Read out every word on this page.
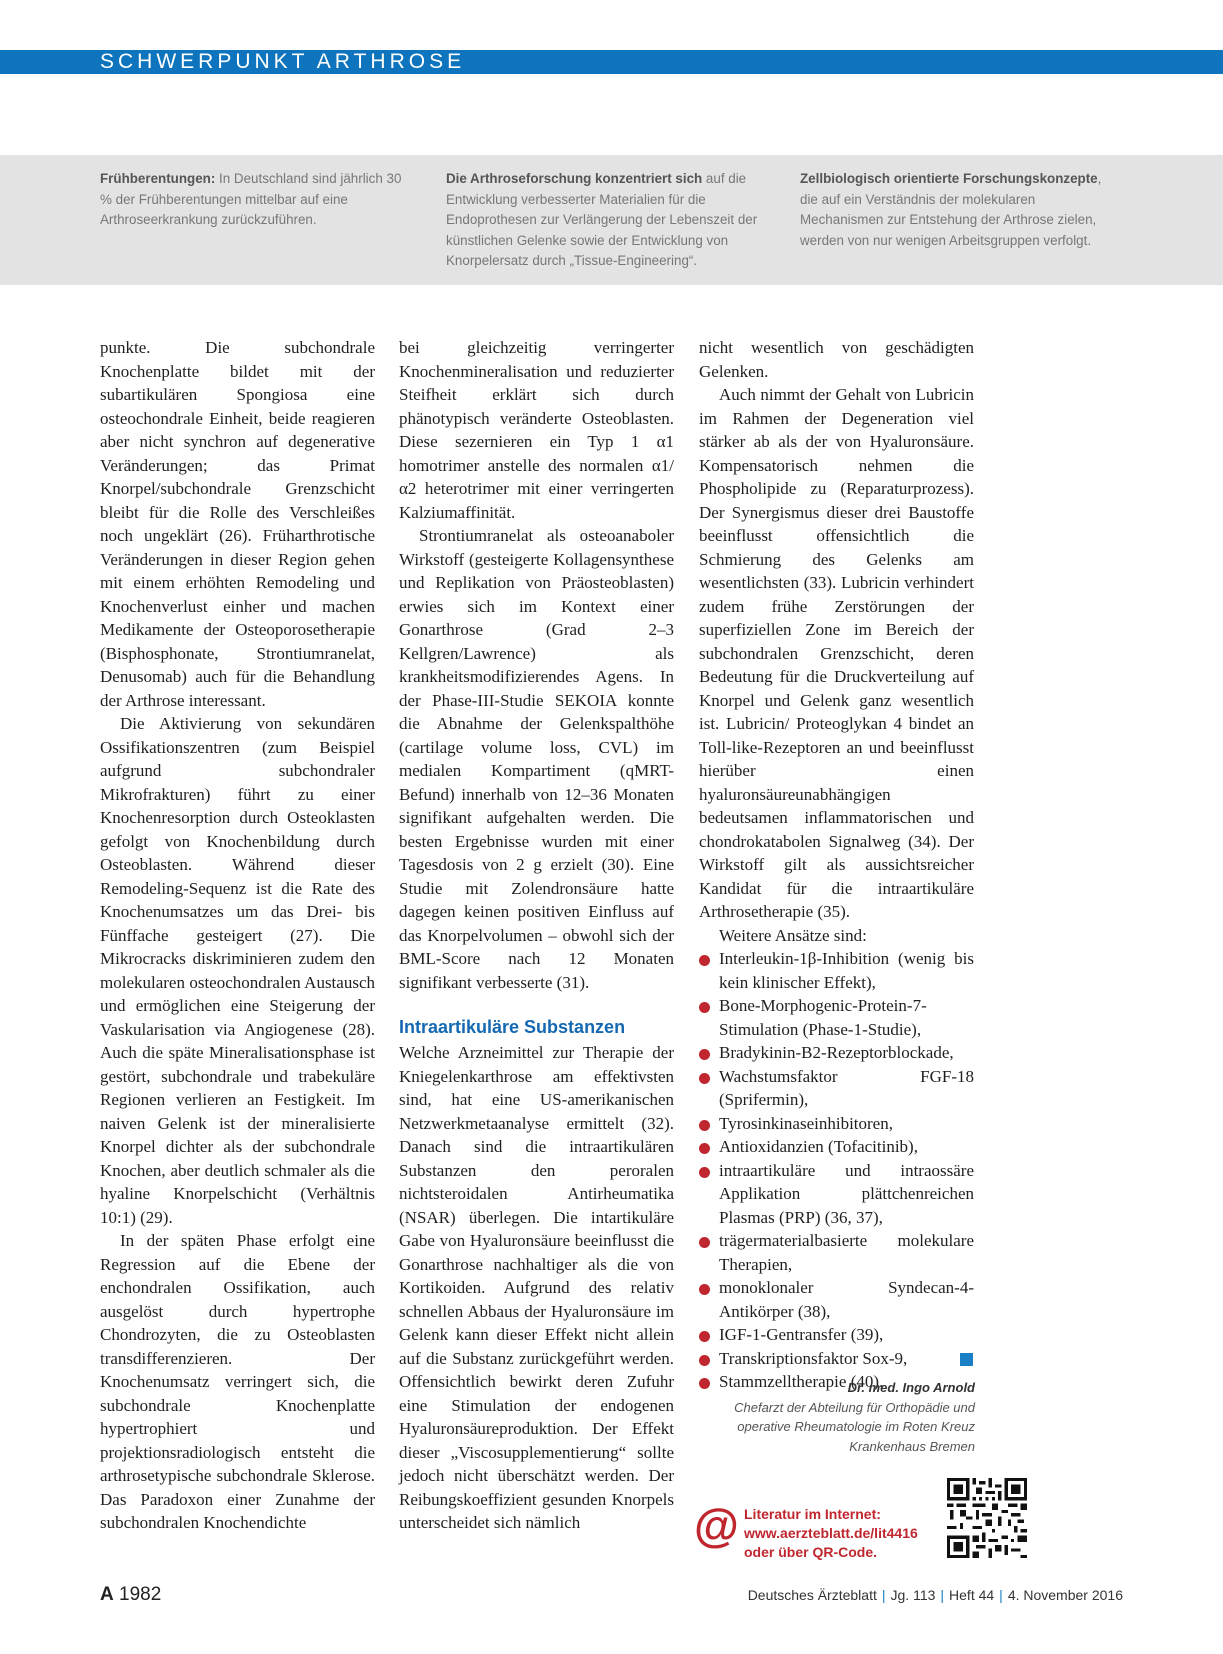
SCHWERPUNKT ARTHROSE
Frühberentungen: In Deutschland sind jährlich 30 % der Frühberentungen mittelbar auf eine Arthroseerkrankung zurückzuführen.
Die Arthroseforschung konzentriert sich auf die Entwicklung verbesserter Materialien für die Endoprothesen zur Verlängerung der Lebenszeit der künstlichen Gelenke sowie der Entwicklung von Knorpelersatz durch „Tissue-Engineering“.
Zellbiologisch orientierte Forschungskonzepte, die auf ein Verständnis der molekularen Mechanismen zur Entstehung der Arthrose zielen, werden von nur wenigen Arbeitsgruppen verfolgt.

punkte. Die subchondrale Knochenplatte bildet mit der subartikulären Spongiosa eine osteochondrale Einheit, beide reagieren aber nicht synchron auf degenerative Veränderungen; das Primat Knorpel/subchondrale Grenzschicht bleibt für die Rolle des Verschleißes noch ungeklärt (26). Früharthrotische Veränderungen in dieser Region gehen mit einem erhöhten Remodeling und Knochenverlust einher und machen Medikamente der Osteoporosetherapie (Bisphosphonate, Strontiumranelat, Denusomab) auch für die Behandlung der Arthrose interessant.

Die Aktivierung von sekundären Ossifikationszentren (zum Beispiel aufgrund subchondraler Mikrofrakturen) führt zu einer Knochenresorption durch Osteoklasten gefolgt von Knochenbildung durch Osteoblasten. Während dieser Remodeling-Sequenz ist die Rate des Knochenumsatzes um das Drei- bis Fünffache gesteigert (27). Die Mikrocracks diskriminieren zudem den molekularen osteochondralen Austausch und ermöglichen eine Steigerung der Vaskularisation via Angiogenese (28). Auch die späte Mineralisationsphase ist gestört, subchondrale und trabekuläre Regionen verlieren an Festigkeit. Im naiven Gelenk ist der mineralisierte Knorpel dichter als der subchondrale Knochen, aber deutlich schmaler als die hyaline Knorpelschicht (Verhältnis 10:1) (29).

In der späten Phase erfolgt eine Regression auf die Ebene der enchondralen Ossifikation, auch ausgelöst durch hypertrophe Chondrozyten, die zu Osteoblasten transdifferenzieren. Der Knochenumsatz verringert sich, die subchondrale Knochenplatte hypertrophiert und projektionsradiologisch entsteht die arthrosetypische subchondrale Sklerose. Das Paradoxon einer Zunahme der subchondralen Knochendichte

bei gleichzeitig verringerter Knochenmineralisation und reduzierter Steifheit erklärt sich durch phänotypisch veränderte Osteoblasten. Diese sezernieren ein Typ 1 α1 homotrimer anstelle des normalen α1/α2 heterotrimer mit einer verringerten Kalziumaffinität.

Strontiumranelat als osteoanaboler Wirkstoff (gesteigerte Kollagensynthese und Replikation von Präosteoblasten) erwies sich im Kontext einer Gonarthrose (Grad 2–3 Kellgren/Lawrence) als krankheitsmodifizierendes Agens. In der Phase-III-Studie SEKOIA konnte die Abnahme der Gelenkspalthöhe (cartilage volume loss, CVL) im medialen Kompartiment (qMRT-Befund) innerhalb von 12–36 Monaten signifikant aufgehalten werden. Die besten Ergebnisse wurden mit einer Tagesdosis von 2 g erzielt (30). Eine Studie mit Zolendronsäure hatte dagegen keinen positiven Einfluss auf das Knorpelvolumen – obwohl sich der BML-Score nach 12 Monaten signifikant verbesserte (31).

Intraartikuläre Substanzen

Welche Arzneimittel zur Therapie der Kniegelenkarthrose am effektivsten sind, hat eine US-amerikanischen Netzwerkmetaanalyse ermittelt (32). Danach sind die intraartikulären Substanzen den peroralen nichtsteroidalen Antirheumatika (NSAR) überlegen. Die intartikuläre Gabe von Hyaluronsäure beeinflusst die Gonarthrose nachhaltiger als die von Kortikoiden. Aufgrund des relativ schnellen Abbaus der Hyaluronsäure im Gelenk kann dieser Effekt nicht allein auf die Substanz zurückgeführt werden. Offensichtlich bewirkt deren Zufuhr eine Stimulation der endogenen Hyaluronsäureproduktion. Der Effekt dieser „Viscosupplementierung“ sollte jedoch nicht überschätzt werden. Der Reibungskoeffizient gesunden Knorpels unterscheidet sich nämlich

nicht wesentlich von geschädigten Gelenken.

Auch nimmt der Gehalt von Lubricin im Rahmen der Degeneration viel stärker ab als der von Hyaluronsäure. Kompensatorisch nehmen die Phospholipide zu (Reparaturprozess). Der Synergismus dieser drei Baustoffe beeinflusst offensichtlich die Schmierung des Gelenks am wesentlichsten (33). Lubricin verhindert zudem frühe Zerstörungen der superfiziellen Zone im Bereich der subchondralen Grenzschicht, deren Bedeutung für die Druckverteilung auf Knorpel und Gelenk ganz wesentlich ist. Lubricin/ Proteoglykan 4 bindet an Toll-like-Rezeptoren an und beeinflusst hierüber einen hyaluronsäureunabhängigen bedeutsamen inflammatorischen und chondrokatabolen Signalweg (34). Der Wirkstoff gilt als aussichtsreicher Kandidat für die intraartikuläre Arthrosetherapie (35).

Weitere Ansätze sind:

Interleukin-1β-Inhibition (wenig bis kein klinischer Effekt),
Bone-Morphogenic-Protein-7-Stimulation (Phase-1-Studie),
Bradykinin-B2-Rezeptorblockade,
Wachstumsfaktor FGF-18 (Sprifermin),
Tyrosinkinaseinhibitoren,
Antioxidanzien (Tofacitinib),
intraartikuläre und intraossäre Applikation plättchenreichen Plasmas (PRP) (36, 37),
trägermaterialbasierte molekulare Therapien,
monoklonaler Syndecan-4-Antikörper (38),
IGF-1-Gentransfer (39),
Transkriptionsfaktor Sox-9,
Stammzelltherapie (40).
Dr. med. Ingo Arnold
Chefarzt der Abteilung für Orthopädie und
operative Rheumatologie im Roten Kreuz
Krankenhaus Bremen
@ Literatur im Internet:
www.aerzteblatt.de/lit4416
oder über QR-Code.
A 1982	Deutsches Ärzteblatt | Jg. 113 | Heft 44 | 4. November 2016
